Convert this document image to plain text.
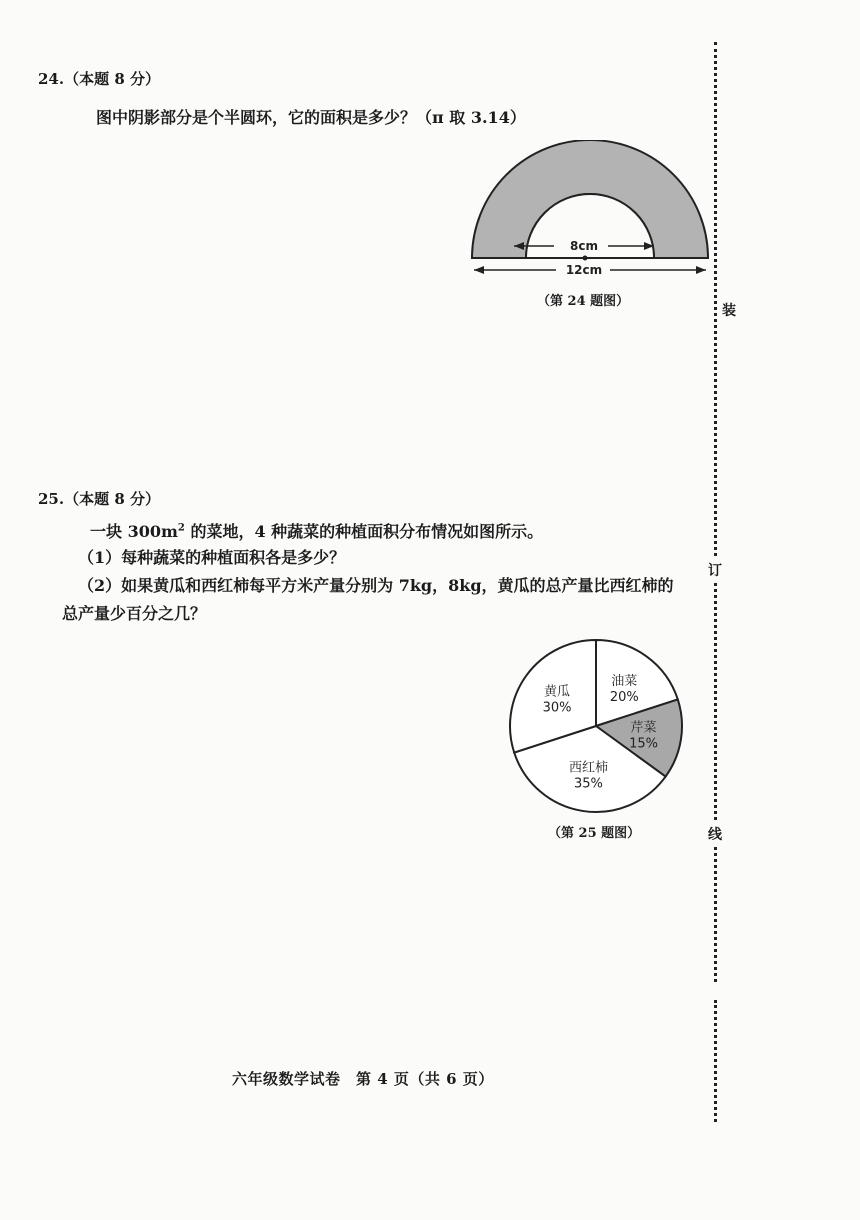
24.（本题 8 分）
图中阴影部分是个半圆环，它的面积是多少？（π 取 3.14）
8cm
12cm
（第 24 题图）
25.（本题 8 分）
一块 $300m^2$ 的菜地，4 种蔬菜的种植面积分布情况如图所示。
（1）每种蔬菜的种植面积各是多少？
（2）如果黄瓜和西红柿每平方米产量分别为 7kg，8kg，黄瓜的总产量比西红柿的
总产量少百分之几？
油菜
20%
芹菜
15%
西红柿
35%
黄瓜
30%
（第 25 题图）
装
订
线
六年级数学试卷　第 4 页（共 6 页）
